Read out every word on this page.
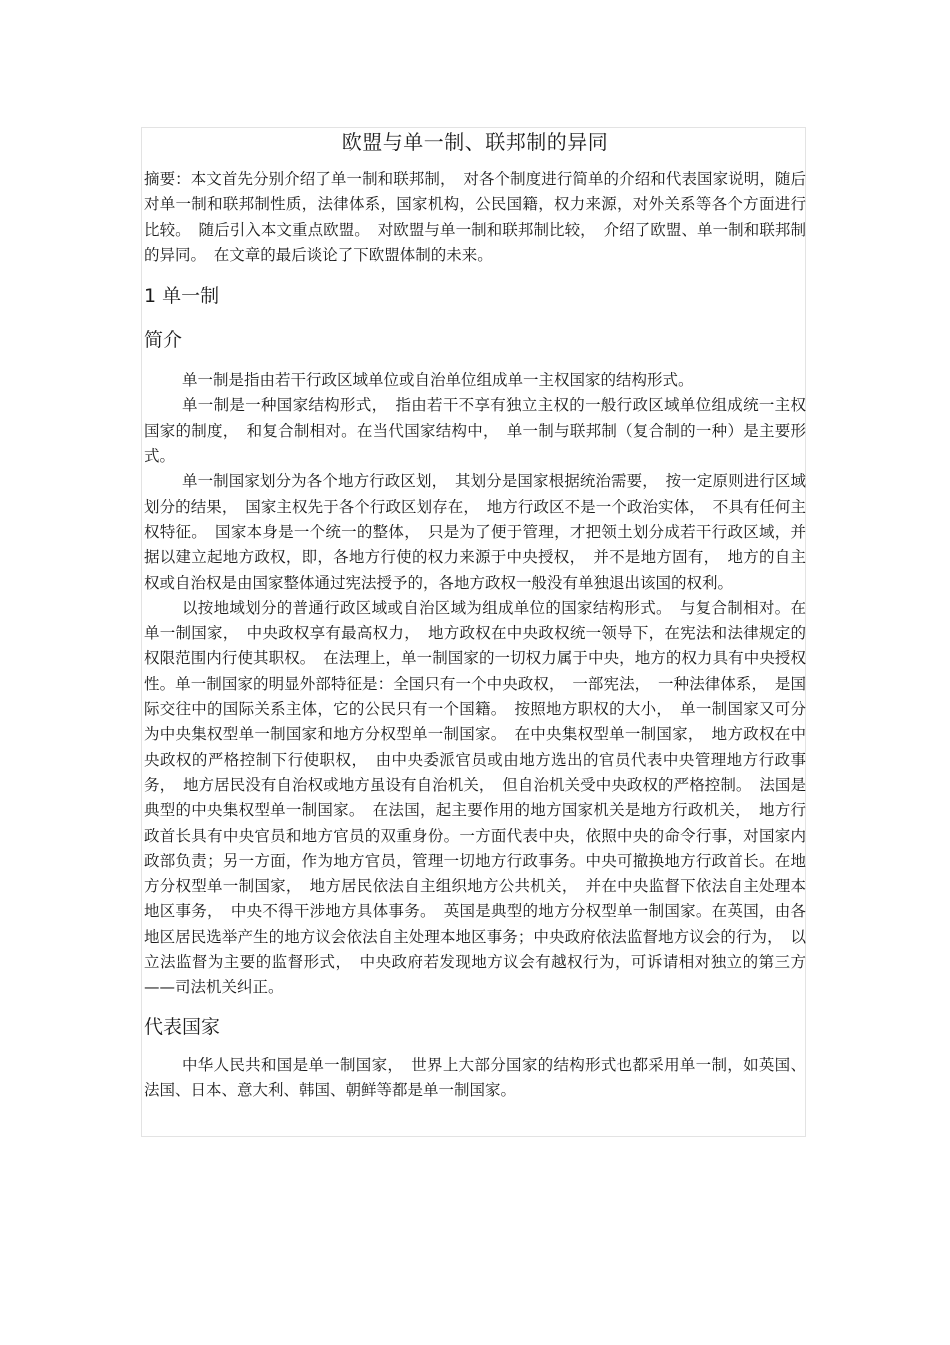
欧盟与单一制、联邦制的异同

摘要：本文首先分别介绍了单一制和联邦制，　对各个制度进行简单的介绍和代表国家说明，随后对单一制和联邦制性质，法律体系，国家机构，公民国籍，权力来源，对外关系等各个方面进行比较。　随后引入本文重点欧盟。　对欧盟与单一制和联邦制比较，　介绍了欧盟、单一制和联邦制的异同。　在文章的最后谈论了下欧盟体制的未来。

1 单一制
简介

单一制是指由若干行政区域单位或自治单位组成单一主权国家的结构形式。

单一制是一种国家结构形式，　指由若干不享有独立主权的一般行政区域单位组成统一主权国家的制度，　和复合制相对。在当代国家结构中，　单一制与联邦制（复合制的一种）是主要形式。

单一制国家划分为各个地方行政区划，　其划分是国家根据统治需要，　按一定原则进行区域划分的结果，　国家主权先于各个行政区划存在，　地方行政区不是一个政治实体，　不具有任何主权特征。　国家本身是一个统一的整体，　只是为了便于管理，才把领土划分成若干行政区域，并据以建立起地方政权，即，各地方行使的权力来源于中央授权，　并不是地方固有，　地方的自主权或自治权是由国家整体通过宪法授予的，各地方政权一般没有单独退出该国的权利。

以按地域划分的普通行政区域或自治区域为组成单位的国家结构形式。　与复合制相对。在单一制国家，　中央政权享有最高权力，　地方政权在中央政权统一领导下，在宪法和法律规定的权限范围内行使其职权。　在法理上，单一制国家的一切权力属于中央，地方的权力具有中央授权性。单一制国家的明显外部特征是：全国只有一个中央政权，　一部宪法，　一种法律体系，　是国际交往中的国际关系主体，它的公民只有一个国籍。　按照地方职权的大小，　单一制国家又可分为中央集权型单一制国家和地方分权型单一制国家。　在中央集权型单一制国家，　地方政权在中央政权的严格控制下行使职权，　由中央委派官员或由地方选出的官员代表中央管理地方行政事务，　地方居民没有自治权或地方虽设有自治机关，　但自治机关受中央政权的严格控制。　法国是典型的中央集权型单一制国家。　在法国，起主要作用的地方国家机关是地方行政机关，　地方行政首长具有中央官员和地方官员的双重身份。一方面代表中央，依照中央的命令行事，对国家内政部负责；另一方面，作为地方官员，管理一切地方行政事务。中央可撤换地方行政首长。在地方分权型单一制国家，　地方居民依法自主组织地方公共机关，　并在中央监督下依法自主处理本地区事务，　中央不得干涉地方具体事务。　英国是典型的地方分权型单一制国家。在英国，由各地区居民选举产生的地方议会依法自主处理本地区事务；中央政府依法监督地方议会的行为，　以立法监督为主要的监督形式，　中央政府若发现地方议会有越权行为，可诉请相对独立的第三方——司法机关纠正。

代表国家

中华人民共和国是单一制国家，　世界上大部分国家的结构形式也都采用单一制，如英国、法国、日本、意大利、韩国、朝鲜等都是单一制国家。
